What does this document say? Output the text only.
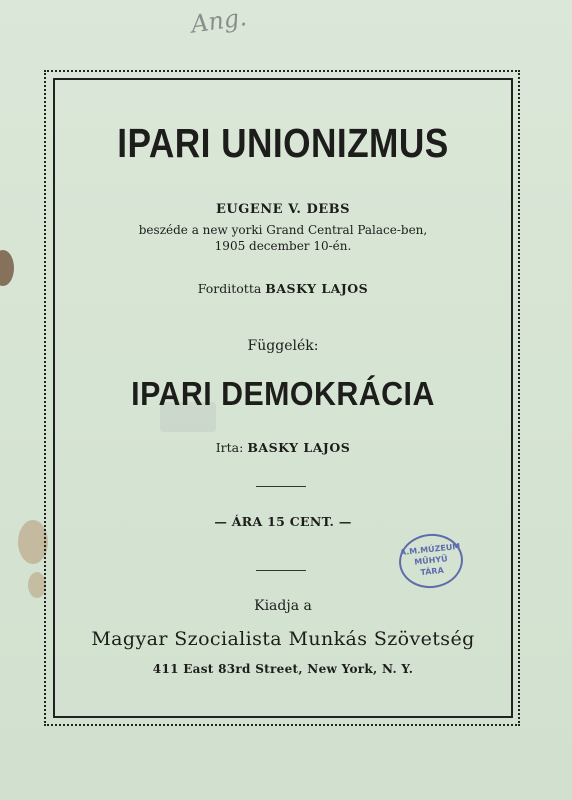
Ang.
IPARI UNIONIZMUS
EUGENE V. DEBS
beszéde a new yorki Grand Central Palace-ben,
1905 december 10-én.
Forditotta BASKY LAJOS
Függelék:
IPARI DEMOKRÁCIA
Irta: BASKY LAJOS
— ÁRA 15 CENT. —
A.M.MÚZEUM
MŰHYÜ
TÁRA
Kiadja a
Magyar Szocialista Munkás Szövetség
411 East 83rd Street, New York, N. Y.
